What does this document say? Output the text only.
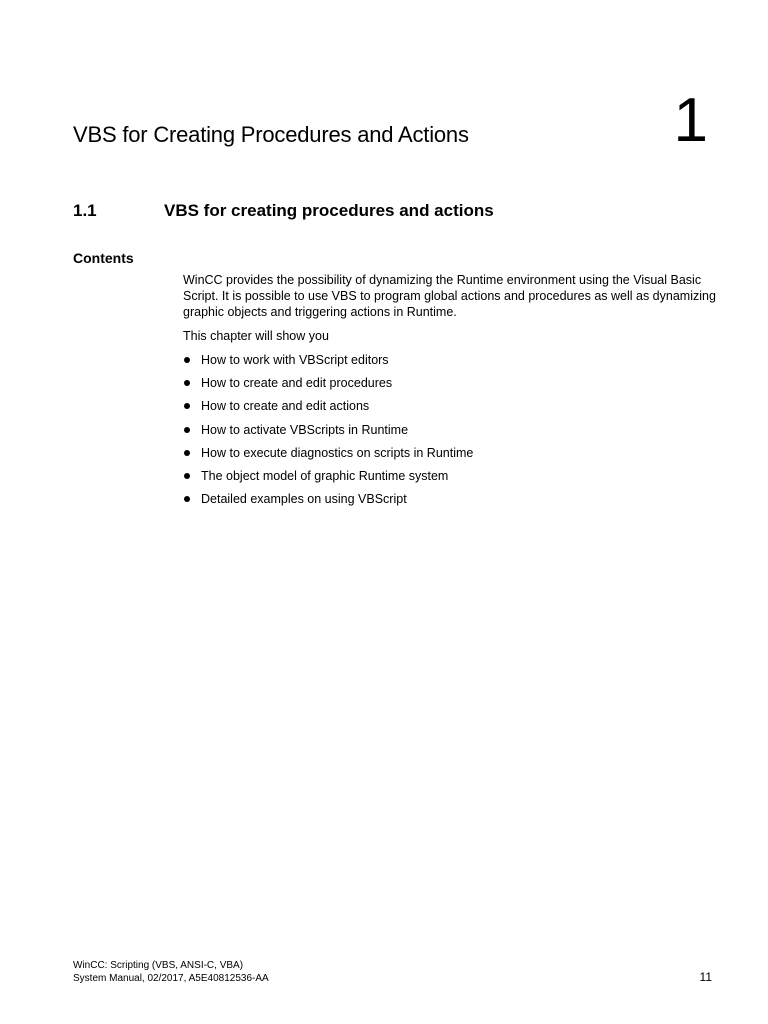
VBS for Creating Procedures and Actions	1
1.1	VBS for creating procedures and actions
Contents

WinCC provides the possibility of dynamizing the Runtime environment using the Visual Basic Script. It is possible to use VBS to program global actions and procedures as well as dynamizing graphic objects and triggering actions in Runtime.

This chapter will show you

How to work with VBScript editors
How to create and edit procedures
How to create and edit actions
How to activate VBScripts in Runtime
How to execute diagnostics on scripts in Runtime
The object model of graphic Runtime system
Detailed examples on using VBScript
WinCC: Scripting (VBS, ANSI-C, VBA)
System Manual, 02/2017, A5E40812536-AA	11
